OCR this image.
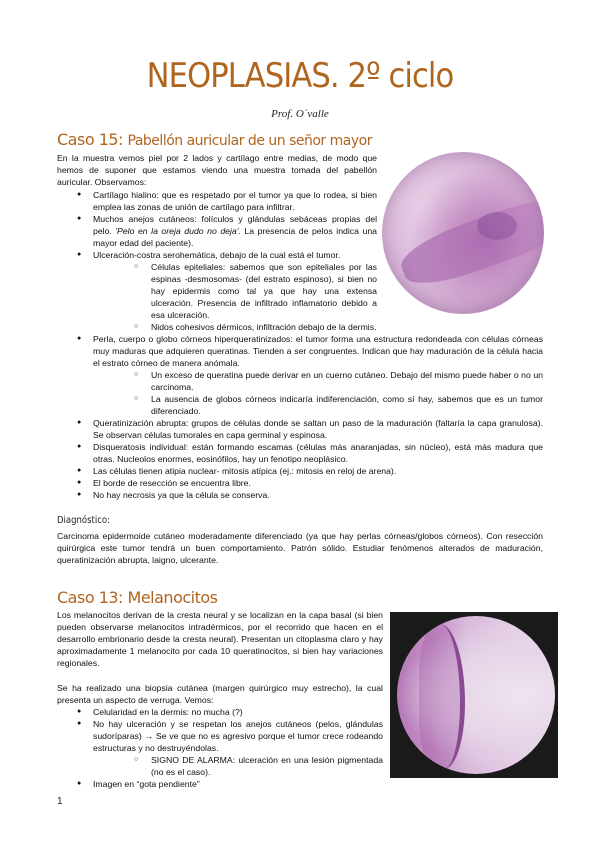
NEOPLASIAS. 2º ciclo
Prof. O´valle
Caso 15: Pabellón auricular de un señor mayor

En la muestra vemos piel por 2 lados y cartílago entre medias, de modo que hemos de suponer que estamos viendo una muestra tomada del pabellón auricular. Observamos:

● Cartílago hialino: que es respetado por el tumor ya que lo rodea, si bien emplea las zonas de unión de cartílago para infiltrar.
● Muchos anejos cutáneos: folículos y glándulas sebáceas propias del pelo. 'Pelo en la oreja dudo no deja'. La presencia de pelos indica una mayor edad del paciente).
● Ulceración-costra serohemática, debajo de la cual está el tumor.
○ Células epiteliales: sabemos que son epiteliales por las espinas -desmosomas- (del estrato espinoso), si bien no hay epidermis como tal ya que hay una extensa ulceración. Presencia de infiltrado inflamatorio debido a esa ulceración.
○ Nidos cohesivos dérmicos, infiltración debajo de la dermis.
● Perla, cuerpo o globo córneos hiperqueratinizados: el tumor forma una estructura redondeada con células córneas muy maduras que adquieren queratinas. Tienden a ser congruentes. Indican que hay maduración de la célula hacia el estrato córneo de manera anómala.
○ Un exceso de queratina puede derivar en un cuerno cutáneo. Debajo del mismo puede haber o no un carcinoma.
○ La ausencia de globos córneos indicaría indiferenciación, como sí hay, sabemos que es un tumor diferenciado.
● Queratinización abrupta: grupos de células donde se saltan un paso de la maduración (faltaría la capa granulosa). Se observan células tumorales en capa germinal y espinosa.
● Disqueratosis individual: están formando escamas (células más anaranjadas, sin núcleo), está más madura que otras. Nucleolos enormes, eosinófilos, hay un fenotipo neoplásico.
● Las células tienen atipia nuclear- mitosis atípica (ej.: mitosis en reloj de arena).
● El borde de resección se encuentra libre.
● No hay necrosis ya que la célula se conserva.
Diagnóstico:

Carcinoma epidermoide cutáneo moderadamente diferenciado (ya que hay perlas córneas/globos córneos). Con resección quirúrgica este tumor tendrá un buen comportamiento. Patrón sólido. Estudiar fenómenos alterados de maduración, queratinización abrupta, laigno, ulcerante.

Caso 13: Melanocitos

Los melanocitos derivan de la cresta neural y se localizan en la capa basal (si bien pueden observarse melanocitos intradérmicos, por el recorrido que hacen en el desarrollo embrionario desde la cresta neural). Presentan un citoplasma claro y hay aproximadamente 1 melanocito por cada 10 queratinocitos, si bien hay variaciones regionales.

Se ha realizado una biopsia cutánea (margen quirúrgico muy estrecho), la cual presenta un aspecto de verruga. Vemos:

● Celularidad en la dermis: no mucha (?)
● No hay ulceración y se respetan los anejos cutáneos (pelos, glándulas sudoríparas) → Se ve que no es agresivo porque el tumor crece rodeando estructuras y no destruyéndolas.
○ SIGNO DE ALARMA: ulceración en una lesión pigmentada (no es el caso).
● Imagen en “gota pendiente”
1
